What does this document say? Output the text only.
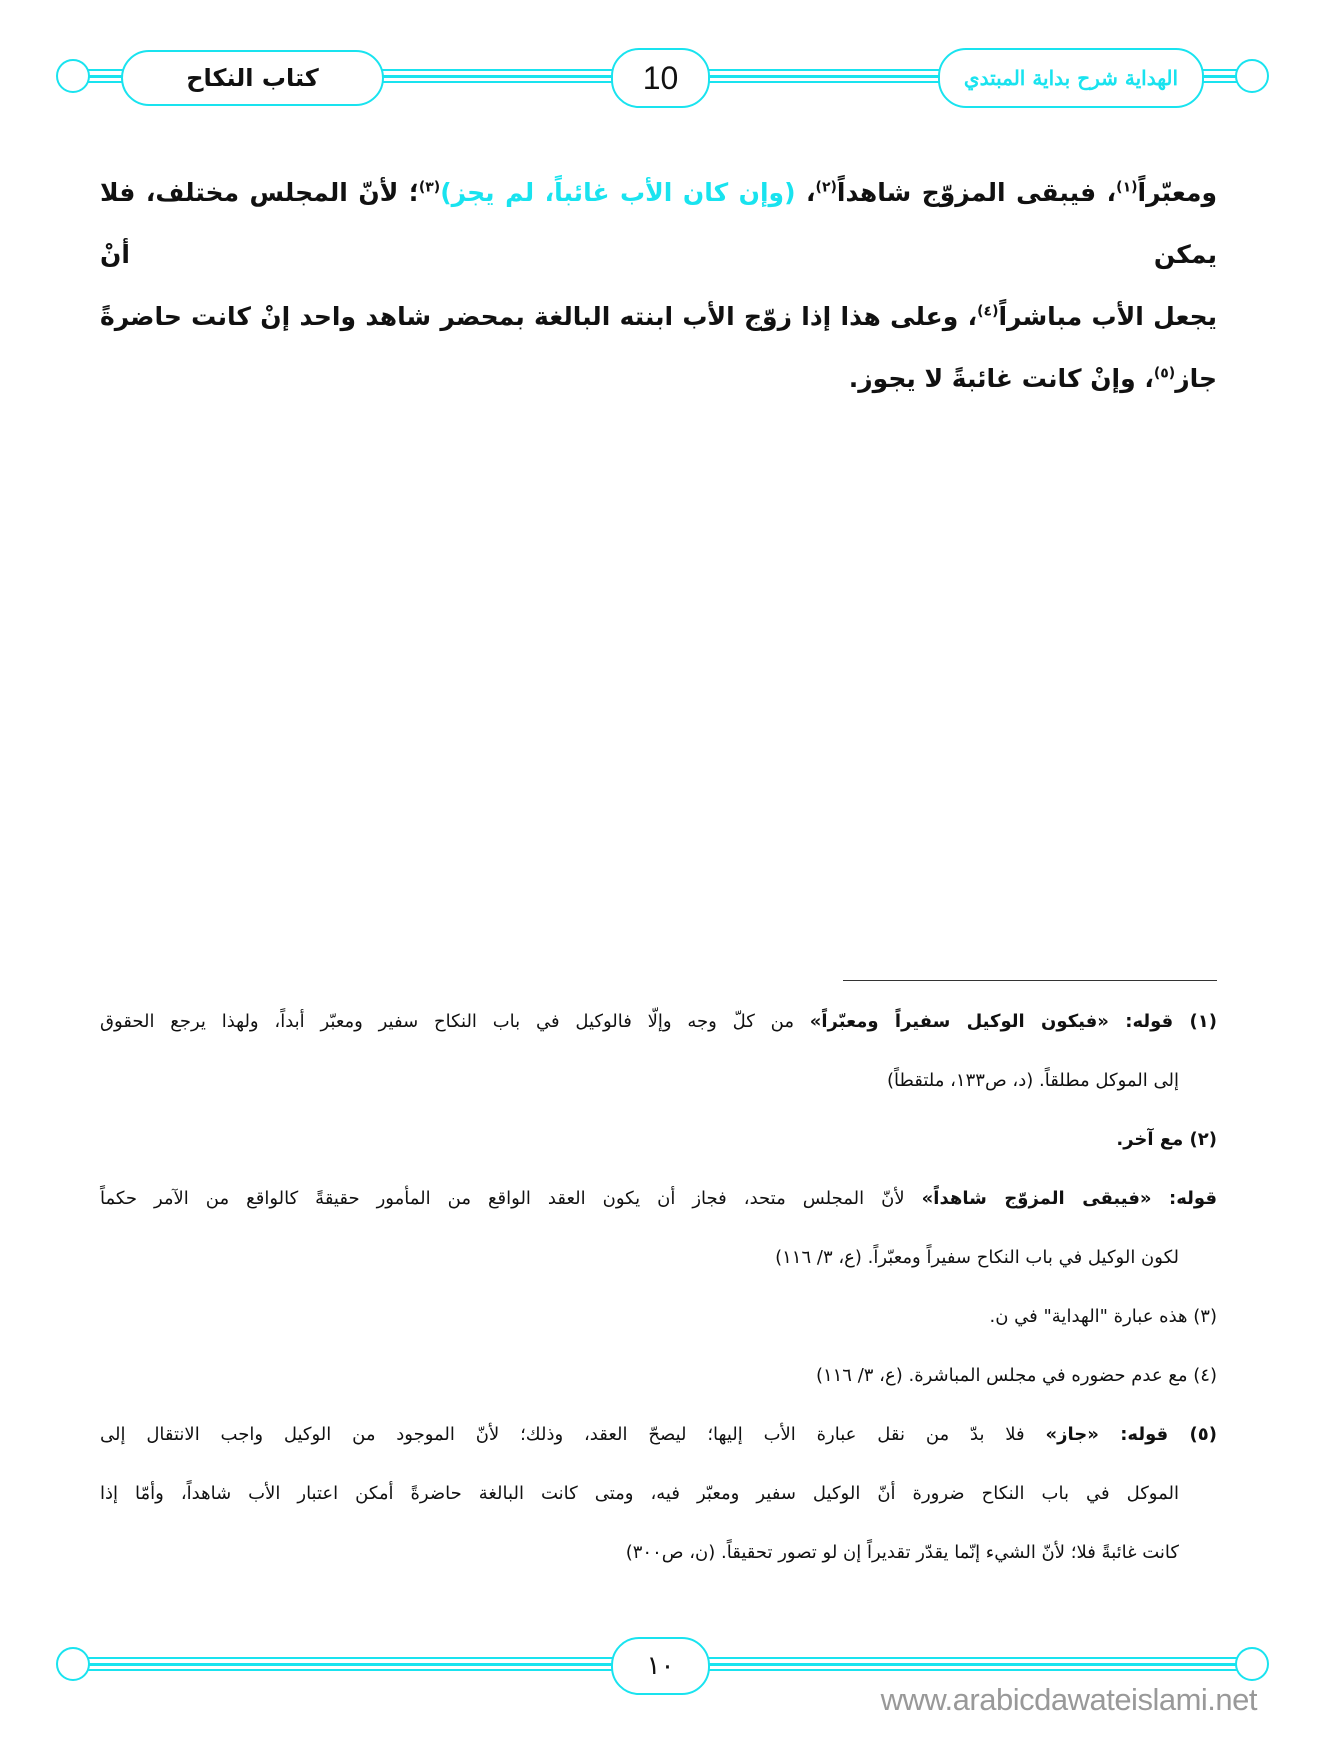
كتاب النكاح	10	الهداية شرح بداية المبتدي
ومعبّراً$^{(١)}$، فيبقى المزوّج شاهداً$^{(٢)}$، (وإن كان الأب غائباً، لم يجز)$^{(٣)}$؛ لأنّ المجلس مختلف، فلا يمكن أنْ
يجعل الأب مباشراً$^{(٤)}$، وعلى هذا إذا زوّج الأب ابنته البالغة بمحضر شاهد واحد إنْ كانت حاضرةً
جاز$^{(٥)}$، وإنْ كانت غائبةً لا يجوز.
(١) قوله: «فيكون الوكيل سفيراً ومعبّراً» من كلّ وجه وإلّا فالوكيل في باب النكاح سفير ومعبّر أبداً، ولهذا يرجع الحقوق
إلى الموكل مطلقاً. (د، ص١٣٣، ملتقطاً)
(٢) مع آخر.
قوله: «فيبقى المزوّج شاهداً» لأنّ المجلس متحد، فجاز أن يكون العقد الواقع من المأمور حقيقةً كالواقع من الآمر حكماً
لكون الوكيل في باب النكاح سفيراً ومعبّراً. (ع، ٣/ ١١٦)
(٣) هذه عبارة "الهداية" في ن.
(٤) مع عدم حضوره في مجلس المباشرة. (ع، ٣/ ١١٦)
(٥) قوله: «جاز» فلا بدّ من نقل عبارة الأب إليها؛ ليصحّ العقد، وذلك؛ لأنّ الموجود من الوكيل واجب الانتقال إلى
الموكل في باب النكاح ضرورة أنّ الوكيل سفير ومعبّر فيه، ومتى كانت البالغة حاضرةً أمكن اعتبار الأب شاهداً، وأمّا إذا
كانت غائبةً فلا؛ لأنّ الشيء إنّما يقدّر تقديراً إن لو تصور تحقيقاً. (ن، ص٣٠٠)
١٠
www.arabicdawateislami.net
